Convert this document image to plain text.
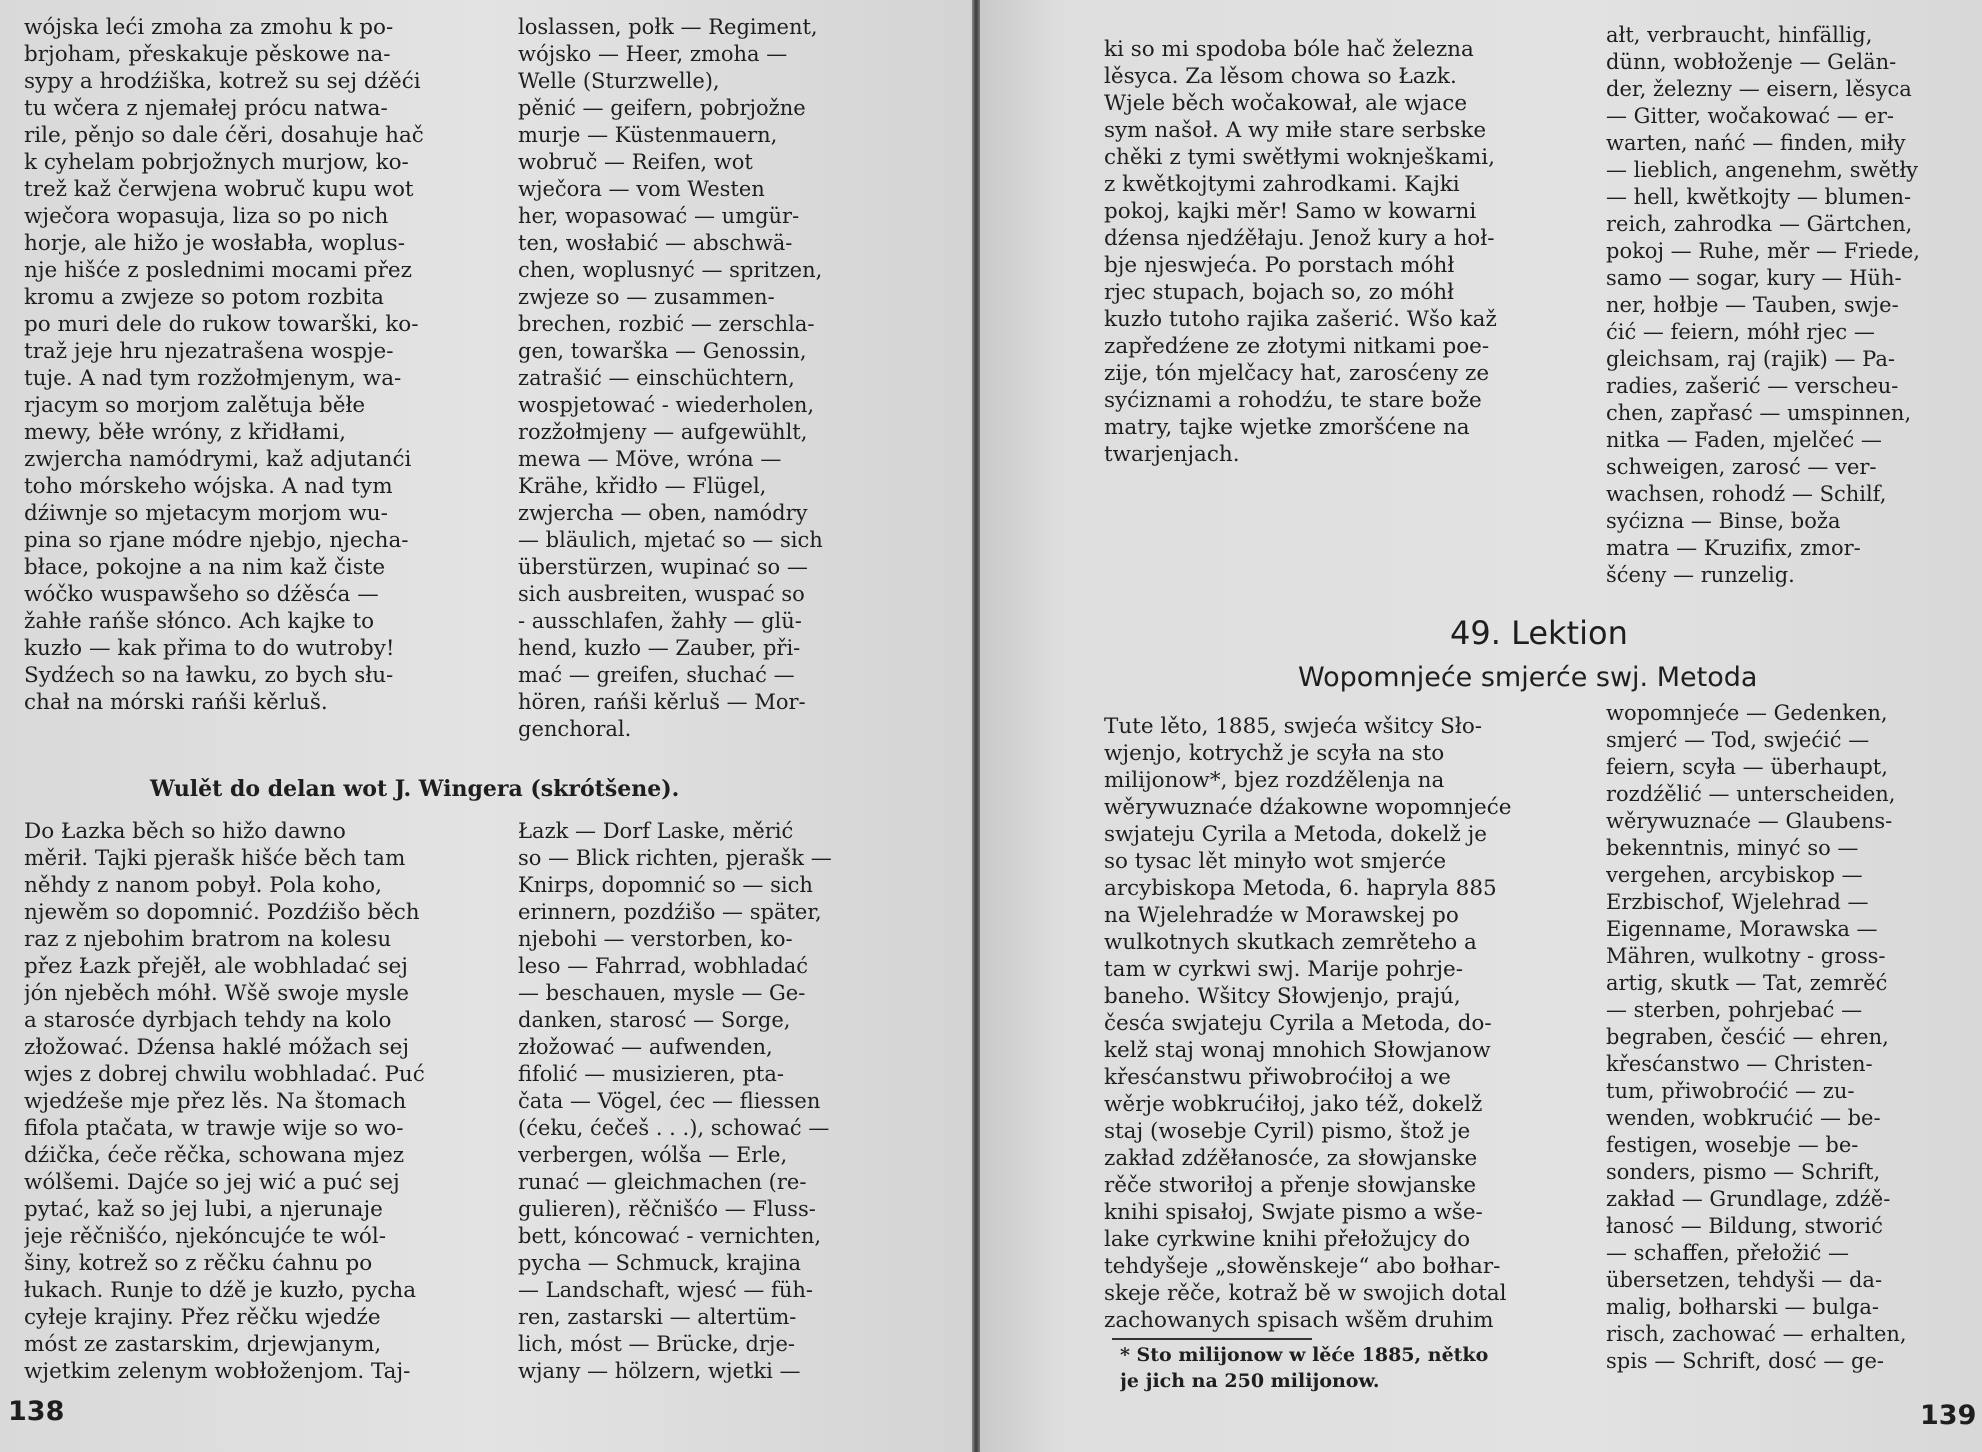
wójska leći zmoha za zmohu k po-
brjoham, přeskakuje pěskowe na-
sypy a hrodźiška, kotrež su sej dźěći
tu wčera z njemałej prócu natwa-
rile, pěnjo so dale ćěri, dosahuje hač
k cyhelam pobrjožnych murjow, ko-
trež kaž čerwjena wobruč kupu wot
wječora wopasuja, liza so po nich
horje, ale hižo je wosłabła, woplus-
nje hišće z poslednimi mocami přez
kromu a zwjeze so potom rozbita
po muri dele do rukow towarški, ko-
traž jeje hru njezatrašena wospje-
tuje. A nad tym rozžołmjenym, wa-
rjacym so morjom zalětuja běłe
mewy, běłe wróny, z křidłami,
zwjercha namódrymi, kaž adjutanći
toho mórskeho wójska. A nad tym
dźiwnje so mjetacym morjom wu-
pina so rjane módre njebjo, njecha-
błace, pokojne a na nim kaž čiste
wóčko wuspawšeho so dźěsća —
žahłe rańše słónco. Ach kajke to
kuzło — kak přima to do wutroby!
Sydźech so na ławku, zo bych słu-
chał na mórski rańši kěrluš.
loslassen, połk — Regiment,
wójsko — Heer, zmoha —
Welle (Sturzwelle),
pěnić — geifern, pobrjožne
murje — Küstenmauern,
wobruč — Reifen, wot
wječora — vom Westen
her, wopasować — umgür-
ten, wosłabić — abschwä-
chen, woplusnyć — spritzen,
zwjeze so — zusammen-
brechen, rozbić — zerschla-
gen, towarška — Genossin,
zatrašić — einschüchtern,
wospjetować - wiederholen,
rozžołmjeny — aufgewühlt,
mewa — Möve, wróna —
Krähe, křidło — Flügel,
zwjercha — oben, namódry
— bläulich, mjetać so — sich
überstürzen, wupinać so —
sich ausbreiten, wuspać so
- ausschlafen, žahły — glü-
hend, kuzło — Zauber, při-
mać — greifen, słuchać —
hören, rańši kěrluš — Mor-
genchoral.
Wulět do delan wot J. Wingera (skrótšene).
Do Łazka běch so hižo dawno
měrił. Tajki pjerašk hišće běch tam
něhdy z nanom pobył. Pola koho,
njewěm so dopomnić. Pozdźišo běch
raz z njebohim bratrom na kolesu
přez Łazk přejěł, ale wobhladać sej
jón njeběch móhł. Wšě swoje mysle
a starosće dyrbjach tehdy na kolo
złožować. Dźensa haklé móžach sej
wjes z dobrej chwilu wobhladać. Puć
wjedźeše mje přez lěs. Na štomach
fifola ptačata, w trawje wije so wo-
dźička, ćeče rěčka, schowana mjez
wólšemi. Dajće so jej wić a puć sej
pytać, kaž so jej lubi, a njerunaje
jeje rěčnišćo, njekóncujće te wól-
šiny, kotrež so z rěčku ćahnu po
łukach. Runje to dźě je kuzło, pycha
cyłeje krajiny. Přez rěčku wjedźe
móst ze zastarskim, drjewjanym,
wjetkim zelenym wobłoženjom. Taj-
Łazk — Dorf Laske, měrić
so — Blick richten, pjerašk —
Knirps, dopomnić so — sich
erinnern, pozdźišo — später,
njebohi — verstorben, ko-
leso — Fahrrad, wobhladać
— beschauen, mysle — Ge-
danken, starosć — Sorge,
złožować — aufwenden,
fifolić — musizieren, pta-
čata — Vögel, ćec — fliessen
(ćeku, ćečeš . . .), schować —
verbergen, wólša — Erle,
runać — gleichmachen (re-
gulieren), rěčnišćo — Fluss-
bett, kóncować - vernichten,
pycha — Schmuck, krajina
— Landschaft, wjesć — füh-
ren, zastarski — altertüm-
lich, móst — Brücke, drje-
wjany — hölzern, wjetki —
138
ki so mi spodoba bóle hač železna
lěsyca. Za lěsom chowa so Łazk.
Wjele běch wočakował, ale wjace
sym našoł. A wy miłe stare serbske
chěki z tymi swětłymi woknješkami,
z kwětkojtymi zahrodkami. Kajki
pokoj, kajki měr! Samo w kowarni
dźensa njedźěłaju. Jenož kury a hoł-
bje njeswjeća. Po porstach móhł
rjec stupach, bojach so, zo móhł
kuzło tutoho rajika zašerić. Wšo kaž
zapředźene ze złotymi nitkami poe-
zije, tón mjelčacy hat, zarosćeny ze
syćiznami a rohodźu, te stare bože
matry, tajke wjetke zmoršćene na
twarjenjach.
ałt, verbraucht, hinfällig,
dünn, wobłoženje — Gelän-
der, železny — eisern, lěsyca
— Gitter, wočakować — er-
warten, nańć — finden, miły
— lieblich, angenehm, swětły
— hell, kwětkojty — blumen-
reich, zahrodka — Gärtchen,
pokoj — Ruhe, měr — Friede,
samo — sogar, kury — Hüh-
ner, hołbje — Tauben, swje-
ćić — feiern, móhł rjec —
gleichsam, raj (rajik) — Pa-
radies, zašerić — verscheu-
chen, zapřasć — umspinnen,
nitka — Faden, mjelčeć —
schweigen, zarosć — ver-
wachsen, rohodź — Schilf,
syćizna — Binse, boža
matra — Kruzifix, zmor-
šćeny — runzelig.
49. Lektion
Wopomnjeće smjerće swj. Metoda
Tute lěto, 1885, swjeća wšitcy Sło-
wjenjo, kotrychž je scyła na sto
milijonow*, bjez rozdźělenja na
wěrywuznaće dźakowne wopomnjeće
swjateju Cyrila a Metoda, dokelž je
so tysac lět minyło wot smjerće
arcybiskopa Metoda, 6. hapryla 885
na Wjelehradźe w Morawskej po
wulkotnych skutkach zemrěteho a
tam w cyrkwi swj. Marije pohrje-
baneho. Wšitcy Słowjenjo, prajú,
česća swjateju Cyrila a Metoda, do-
kelž staj wonaj mnohich Słowjanow
křesćanstwu přiwobroćiłoj a we
wěrje wobkrućiłoj, jako též, dokelž
staj (wosebje Cyril) pismo, štož je
zakład zdźěłanosće, za słowjanske
rěče stworiłoj a přenje słowjanske
knihi spisałoj, Swjate pismo a wše-
lake cyrkwine knihi přełožujcy do
tehdyšeje „słowěnskeje“ abo bołhar-
skeje rěče, kotraž bě w swojich dotal
zachowanych spisach wšěm druhim
wopomnjeće — Gedenken,
smjerć — Tod, swjećić —
feiern, scyła — überhaupt,
rozdźělić — unterscheiden,
wěrywuznaće — Glaubens-
bekenntnis, minyć so —
vergehen, arcybiskop —
Erzbischof, Wjelehrad —
Eigenname, Morawska —
Mähren, wulkotny - gross-
artig, skutk — Tat, zemrěć
— sterben, pohrjebać —
begraben, česćić — ehren,
křesćanstwo — Christen-
tum, přiwobroćić — zu-
wenden, wobkrućić — be-
festigen, wosebje — be-
sonders, pismo — Schrift,
zakład — Grundlage, zdźě-
łanosć — Bildung, stworić
— schaffen, přełožić —
übersetzen, tehdyši — da-
malig, bołharski — bulga-
risch, zachować — erhalten,
spis — Schrift, dosć — ge-
* Sto milijonow w lěće 1885, nětko
je jich na 250 milijonow.
139
